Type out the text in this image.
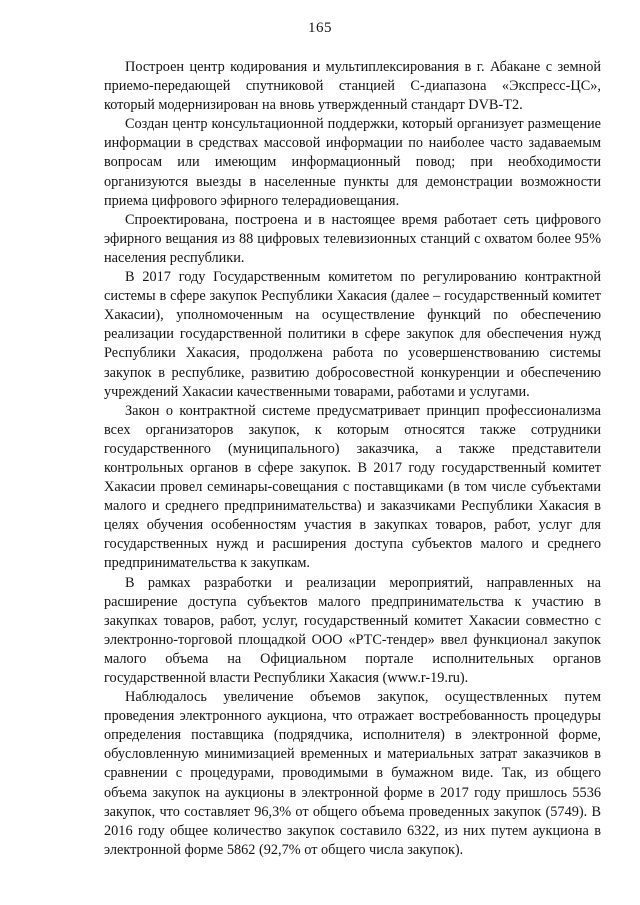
165

Построен центр кодирования и мультиплексирования в г. Абакане с земной приемо-передающей спутниковой станцией С-диапазона «Экспресс-ЦС», который модернизирован на вновь утвержденный стандарт DVB-T2.

Создан центр консультационной поддержки, который организует размещение информации в средствах массовой информации по наиболее часто задаваемым вопросам или имеющим информационный повод; при необходимости организуются выезды в населенные пункты для демонстрации возможности приема цифрового эфирного телерадиовещания.

Спроектирована, построена и в настоящее время работает сеть цифрового эфирного вещания из 88 цифровых телевизионных станций с охватом более 95% населения республики.

В 2017 году Государственным комитетом по регулированию контрактной системы в сфере закупок Республики Хакасия (далее – государственный комитет Хакасии), уполномоченным на осуществление функций по обеспечению реализации государственной политики в сфере закупок для обеспечения нужд Республики Хакасия, продолжена работа по усовершенствованию системы закупок в республике, развитию добросовестной конкуренции и обеспечению учреждений Хакасии качественными товарами, работами и услугами.

Закон о контрактной системе предусматривает принцип профессионализма всех организаторов закупок, к которым относятся также сотрудники государственного (муниципального) заказчика, а также представители контрольных органов в сфере закупок. В 2017 году государственный комитет Хакасии провел семинары-совещания с поставщиками (в том числе субъектами малого и среднего предпринимательства) и заказчиками Республики Хакасия в целях обучения особенностям участия в закупках товаров, работ, услуг для государственных нужд и расширения доступа субъектов малого и среднего предпринимательства к закупкам.

В рамках разработки и реализации мероприятий, направленных на расширение доступа субъектов малого предпринимательства к участию в закупках товаров, работ, услуг, государственный комитет Хакасии совместно с электронно-торговой площадкой ООО «РТС-тендер» ввел функционал закупок малого объема на Официальном портале исполнительных органов государственной власти Республики Хакасия (www.r-19.ru).

Наблюдалось увеличение объемов закупок, осуществленных путем проведения электронного аукциона, что отражает востребованность процедуры определения поставщика (подрядчика, исполнителя) в электронной форме, обусловленную минимизацией временных и материальных затрат заказчиков в сравнении с процедурами, проводимыми в бумажном виде. Так, из общего объема закупок на аукционы в электронной форме в 2017 году пришлось 5536 закупок, что составляет 96,3% от общего объема проведенных закупок (5749). В 2016 году общее количество закупок составило 6322, из них путем аукциона в электронной форме 5862 (92,7% от общего числа закупок).
